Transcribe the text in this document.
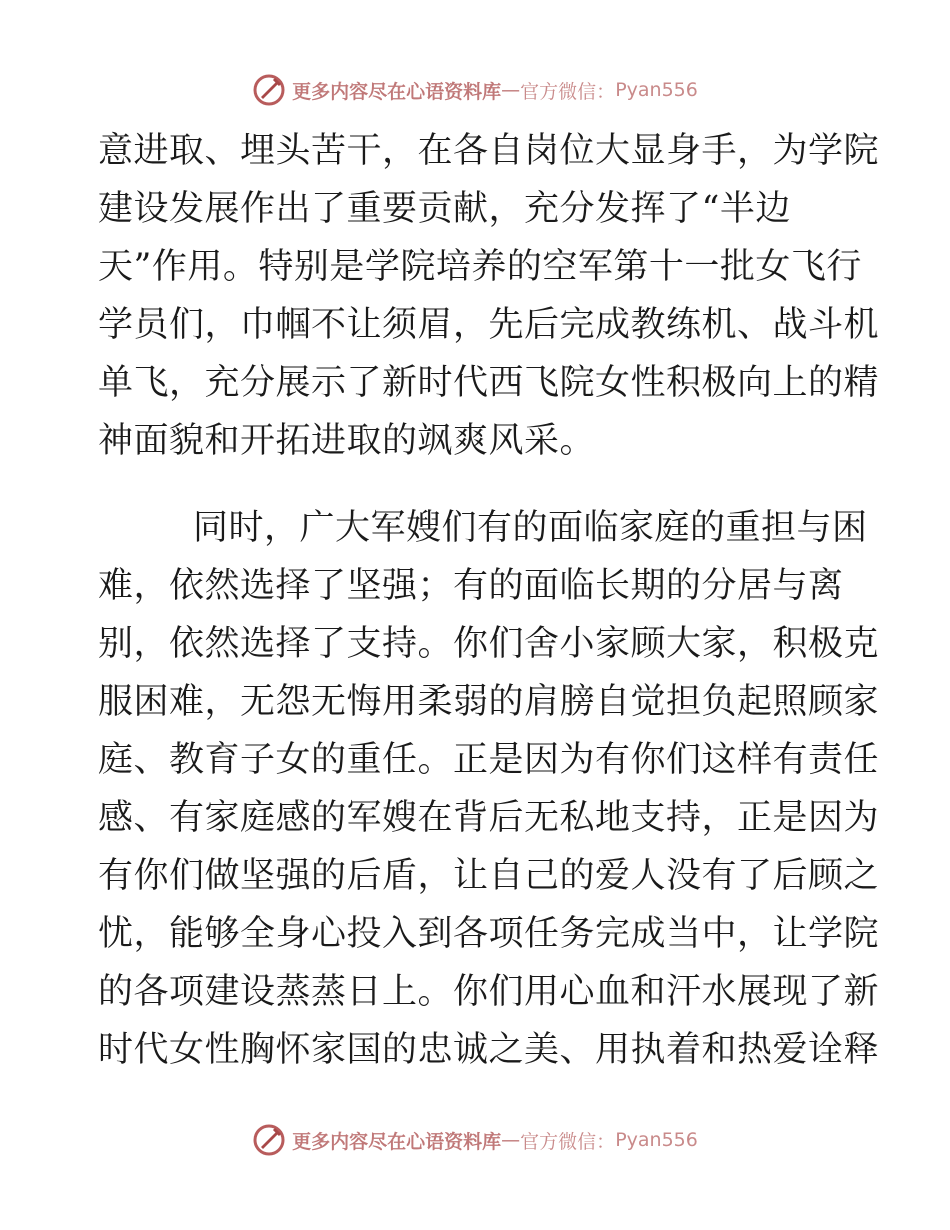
更多内容尽在心语资料库 — 官方微信： Pyan556
意进取、埋头苦干，在各自岗位大显身手，为学院
建设发展作出了重要贡献，充分发挥了“半边
天”作用。特别是学院培养的空军第十一批女飞行
学员们，巾帼不让须眉，先后完成教练机、战斗机
单飞，充分展示了新时代西飞院女性积极向上的精
神面貌和开拓进取的飒爽风采。
同时，广大军嫂们有的面临家庭的重担与困
难，依然选择了坚强；有的面临长期的分居与离
别，依然选择了支持。你们舍小家顾大家，积极克
服困难，无怨无悔用柔弱的肩膀自觉担负起照顾家
庭、教育子女的重任。正是因为有你们这样有责任
感、有家庭感的军嫂在背后无私地支持，正是因为
有你们做坚强的后盾，让自己的爱人没有了后顾之
忧，能够全身心投入到各项任务完成当中，让学院
的各项建设蒸蒸日上。你们用心血和汗水展现了新
时代女性胸怀家国的忠诚之美、用执着和热爱诠释
更多内容尽在心语资料库 — 官方微信： Pyan556
